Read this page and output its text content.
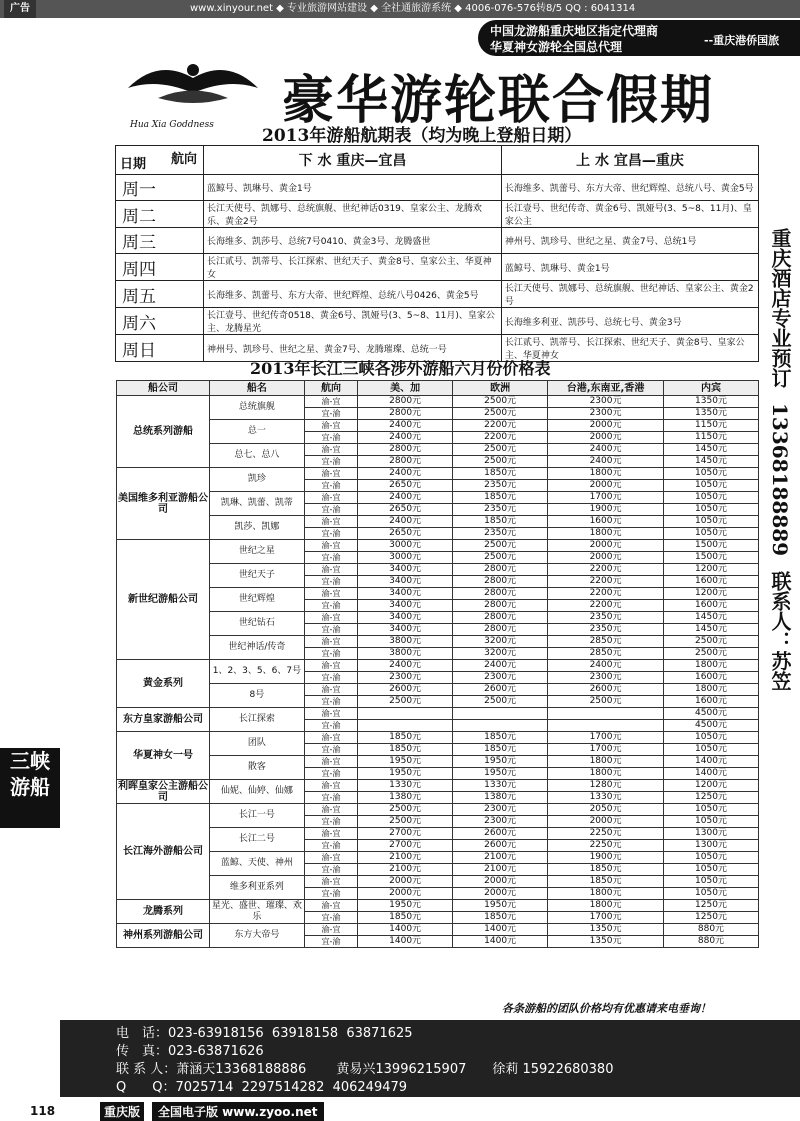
广告	www.xinyour.net ◆ 专业旅游网站建设 ◆ 全社通旅游系统 ◆ 4006-076-576转8/5 QQ : 6041314
中国龙游船重庆地区指定代理商
华夏神女游轮全国总代理	--重庆港侨国旅
Hua Xia Goddness 豪华游轮联合假期
2013年游船航期表（均为晚上登船日期）
航向
日期	下 水 重庆—宜昌	上 水 宜昌—重庆
周一	蓝鲸号、凯琳号、黄金1号	长海维多、凯蕾号、东方大帝、世纪辉煌、总统八号、黄金5号
周二	长江天使号、凯娜号、总统旗舰、世纪神话0319、皇家公主、龙腾欢乐、黄金2号	长江壹号、世纪传奇、黄金6号、凯娅号(3、5~8、11月)、皇家公主
周三	长海维多、凯莎号、总统7号0410、黄金3号、龙腾盛世	神州号、凯珍号、世纪之星、黄金7号、总统1号
周四	长江贰号、凯蒂号、长江探索、世纪天子、黄金8号、皇家公主、华夏神女	蓝鲸号、凯琳号、黄金1号
周五	长海维多、凯蕾号、东方大帝、世纪辉煌、总统八号0426、黄金5号	长江天使号、凯娜号、总统旗舰、世纪神话、皇家公主、黄金2号
周六	长江壹号、世纪传奇0518、黄金6号、凯娅号(3、5~8、11月)、皇家公主、龙腾星光	长海维多利亚、凯莎号、总统七号、黄金3号
周日	神州号、凯珍号、世纪之星、黄金7号、龙腾璀璨、总统一号	长江贰号、凯蒂号、长江探索、世纪天子、黄金8号、皇家公主、华夏神女
2013年长江三峡各涉外游船六月份价格表
船公司	船名	航向	美、加	欧洲	台港,东南亚,香港	内宾
总统系列游船	总统旗舰	渝-宜	2800元	2500元	2300元	1350元
		宜-渝	2800元	2500元	2300元	1350元
	总一	渝-宜	2400元	2200元	2000元	1150元
		宜-渝	2400元	2200元	2000元	1150元
	总七、总八	渝-宜	2800元	2500元	2400元	1450元
		宜-渝	2800元	2500元	2400元	1450元
美国维多利亚游船公司	凯珍	渝-宜	2400元	1850元	1800元	1050元
		宜-渝	2650元	2350元	2000元	1050元
	凯琳、凯蕾、凯蒂	渝-宜	2400元	1850元	1700元	1050元
		宜-渝	2650元	2350元	1900元	1050元
	凯莎、凯娜	渝-宜	2400元	1850元	1600元	1050元
		宜-渝	2650元	2350元	1800元	1050元
新世纪游船公司	世纪之星	渝-宜	3000元	2500元	2000元	1500元
		宜-渝	3000元	2500元	2000元	1500元
	世纪天子	渝-宜	3400元	2800元	2200元	1200元
		宜-渝	3400元	2800元	2200元	1600元
	世纪辉煌	渝-宜	3400元	2800元	2200元	1200元
		宜-渝	3400元	2800元	2200元	1600元
	世纪钻石	渝-宜	3400元	2800元	2350元	1450元
		宜-渝	3400元	2800元	2350元	1450元
	世纪神话/传奇	渝-宜	3800元	3200元	2850元	2500元
		宜-渝	3800元	3200元	2850元	2500元
黄金系列	1、2、3、5、6、7号	渝-宜	2400元	2400元	2400元	1800元
		宜-渝	2300元	2300元	2300元	1600元
	8号	渝-宜	2600元	2600元	2600元	1800元
		宜-渝	2500元	2500元	2500元	1600元
东方皇家游船公司	长江探索	渝-宜				4500元
		宜-渝				4500元
华夏神女一号	团队	渝-宜	1850元	1850元	1700元	1050元
		宜-渝	1850元	1850元	1700元	1050元
	散客	渝-宜	1950元	1950元	1800元	1400元
		宜-渝	1950元	1950元	1800元	1400元
利晖皇家公主游船公司	仙妮、仙婷、仙娜	渝-宜	1330元	1330元	1280元	1200元
		宜-渝	1380元	1380元	1330元	1250元
长江海外游船公司	长江一号	渝-宜	2500元	2300元	2050元	1050元
		宜-渝	2500元	2300元	2000元	1050元
	长江二号	渝-宜	2700元	2600元	2250元	1300元
		宜-渝	2700元	2600元	2250元	1300元
	蓝鲸、天使、神州	渝-宜	2100元	2100元	1900元	1050元
		宜-渝	2100元	2100元	1850元	1050元
	维多利亚系列	渝-宜	2000元	2000元	1850元	1050元
		宜-渝	2000元	2000元	1800元	1050元
龙腾系列	星光、盛世、璀璨、欢乐	渝-宜	1950元	1950元	1800元	1250元
		宜-渝	1850元	1850元	1700元	1250元
神州系列游船公司	东方大帝号	渝-宜	1400元	1400元	1350元	880元
		宜-渝	1400元	1400元	1350元	880元
重庆酒店专业预订 13368188889 联系人：苏笠
三峡
游船
各条游船的团队价格均有优惠请来电垂询！
电　话：023-63918156  63918158  63871625
传　真：023-63871626
联 系 人：萧涵天13368188886　　 黄易兴13996215907　　徐莉 15922680380
Q　　Q：7025714  2297514282  406249479
118	重庆版	全国电子版 www.zyoo.net
